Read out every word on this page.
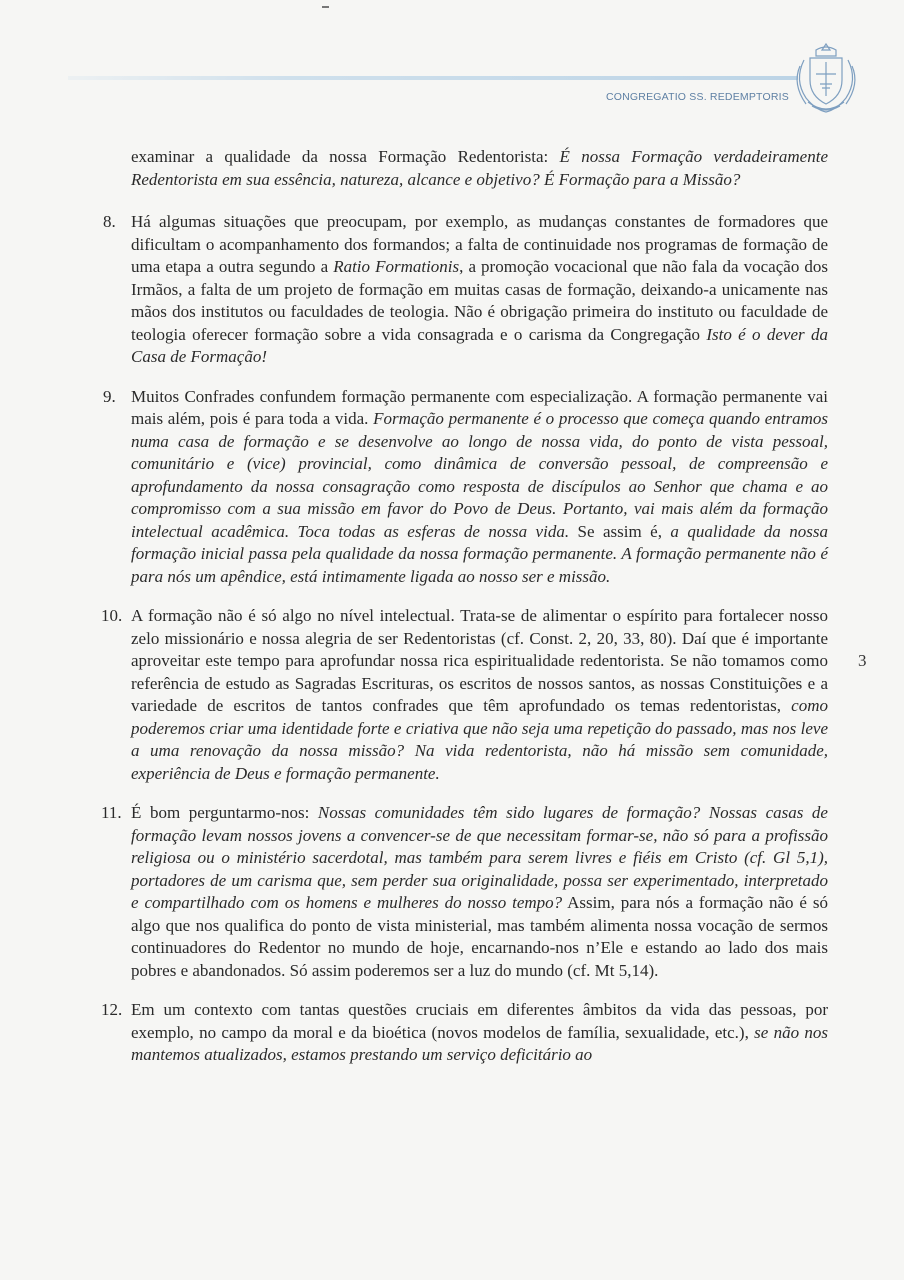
CONGREGATIO SS. REDEMPTORIS
3
examinar a qualidade da nossa Formação Redentorista: É nossa Formação verdadeiramente Redentorista em sua essência, natureza, alcance e objetivo? É Formação para a Missão?
8. Há algumas situações que preocupam, por exemplo, as mudanças constantes de formadores que dificultam o acompanhamento dos formandos; a falta de continuidade nos programas de formação de uma etapa a outra segundo a Ratio Formationis, a promoção vocacional que não fala da vocação dos Irmãos, a falta de um projeto de formação em muitas casas de formação, deixando-a unicamente nas mãos dos institutos ou faculdades de teologia. Não é obrigação primeira do instituto ou faculdade de teologia oferecer formação sobre a vida consagrada e o carisma da Congregação Isto é o dever da Casa de Formação!
9. Muitos Confrades confundem formação permanente com especialização. A formação permanente vai mais além, pois é para toda a vida. Formação permanente é o processo que começa quando entramos numa casa de formação e se desenvolve ao longo de nossa vida, do ponto de vista pessoal, comunitário e (vice) provincial, como dinâmica de conversão pessoal, de compreensão e aprofundamento da nossa consagração como resposta de discípulos ao Senhor que chama e ao compromisso com a sua missão em favor do Povo de Deus. Portanto, vai mais além da formação intelectual acadêmica. Toca todas as esferas de nossa vida. Se assim é, a qualidade da nossa formação inicial passa pela qualidade da nossa formação permanente. A formação permanente não é para nós um apêndice, está intimamente ligada ao nosso ser e missão.
10. A formação não é só algo no nível intelectual. Trata-se de alimentar o espírito para fortalecer nosso zelo missionário e nossa alegria de ser Redentoristas (cf. Const. 2, 20, 33, 80). Daí que é importante aproveitar este tempo para aprofundar nossa rica espiritualidade redentorista. Se não tomamos como referência de estudo as Sagradas Escrituras, os escritos de nossos santos, as nossas Constituições e a variedade de escritos de tantos confrades que têm aprofundado os temas redentoristas, como poderemos criar uma identidade forte e criativa que não seja uma repetição do passado, mas nos leve a uma renovação da nossa missão? Na vida redentorista, não há missão sem comunidade, experiência de Deus e formação permanente.
11. É bom perguntarmo-nos: Nossas comunidades têm sido lugares de formação? Nossas casas de formação levam nossos jovens a convencer-se de que necessitam formar-se, não só para a profissão religiosa ou o ministério sacerdotal, mas também para serem livres e fiéis em Cristo (cf. Gl 5,1), portadores de um carisma que, sem perder sua originalidade, possa ser experimentado, interpretado e compartilhado com os homens e mulheres do nosso tempo? Assim, para nós a formação não é só algo que nos qualifica do ponto de vista ministerial, mas também alimenta nossa vocação de sermos continuadores do Redentor no mundo de hoje, encarnando-nos n’Ele e estando ao lado dos mais pobres e abandonados. Só assim poderemos ser a luz do mundo (cf. Mt 5,14).
12. Em um contexto com tantas questões cruciais em diferentes âmbitos da vida das pessoas, por exemplo, no campo da moral e da bioética (novos modelos de família, sexualidade, etc.), se não nos mantemos atualizados, estamos prestando um serviço deficitário ao
